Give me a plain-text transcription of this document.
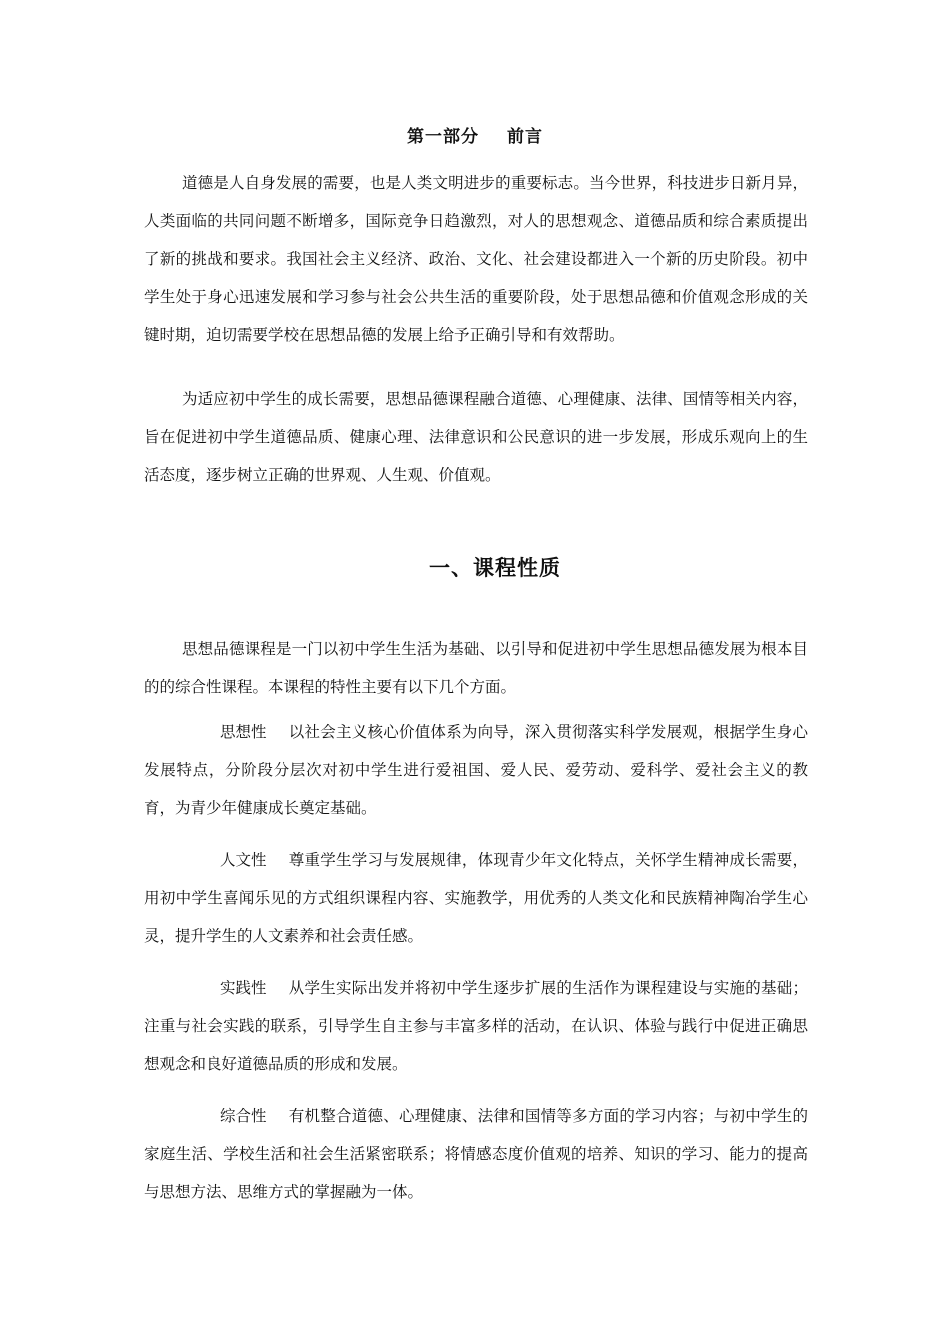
第一部分 前言

道德是人自身发展的需要，也是人类文明进步的重要标志。当今世界，科技进步日新月异，人类面临的共同问题不断增多，国际竞争日趋激烈，对人的思想观念、道德品质和综合素质提出了新的挑战和要求。我国社会主义经济、政治、文化、社会建设都进入一个新的历史阶段。初中学生处于身心迅速发展和学习参与社会公共生活的重要阶段，处于思想品德和价值观念形成的关键时期，迫切需要学校在思想品德的发展上给予正确引导和有效帮助。

为适应初中学生的成长需要，思想品德课程融合道德、心理健康、法律、国情等相关内容，旨在促进初中学生道德品质、健康心理、法律意识和公民意识的进一步发展，形成乐观向上的生活态度，逐步树立正确的世界观、人生观、价值观。

一、课程性质

思想品德课程是一门以初中学生生活为基础、以引导和促进初中学生思想品德发展为根本目的的综合性课程。本课程的特性主要有以下几个方面。

思想性 以社会主义核心价值体系为向导，深入贯彻落实科学发展观，根据学生身心发展特点，分阶段分层次对初中学生进行爱祖国、爱人民、爱劳动、爱科学、爱社会主义的教育，为青少年健康成长奠定基础。

人文性 尊重学生学习与发展规律，体现青少年文化特点，关怀学生精神成长需要，用初中学生喜闻乐见的方式组织课程内容、实施教学，用优秀的人类文化和民族精神陶冶学生心灵，提升学生的人文素养和社会责任感。

实践性 从学生实际出发并将初中学生逐步扩展的生活作为课程建设与实施的基础；注重与社会实践的联系，引导学生自主参与丰富多样的活动，在认识、体验与践行中促进正确思想观念和良好道德品质的形成和发展。

综合性 有机整合道德、心理健康、法律和国情等多方面的学习内容；与初中学生的家庭生活、学校生活和社会生活紧密联系；将情感态度价值观的培养、知识的学习、能力的提高与思想方法、思维方式的掌握融为一体。
